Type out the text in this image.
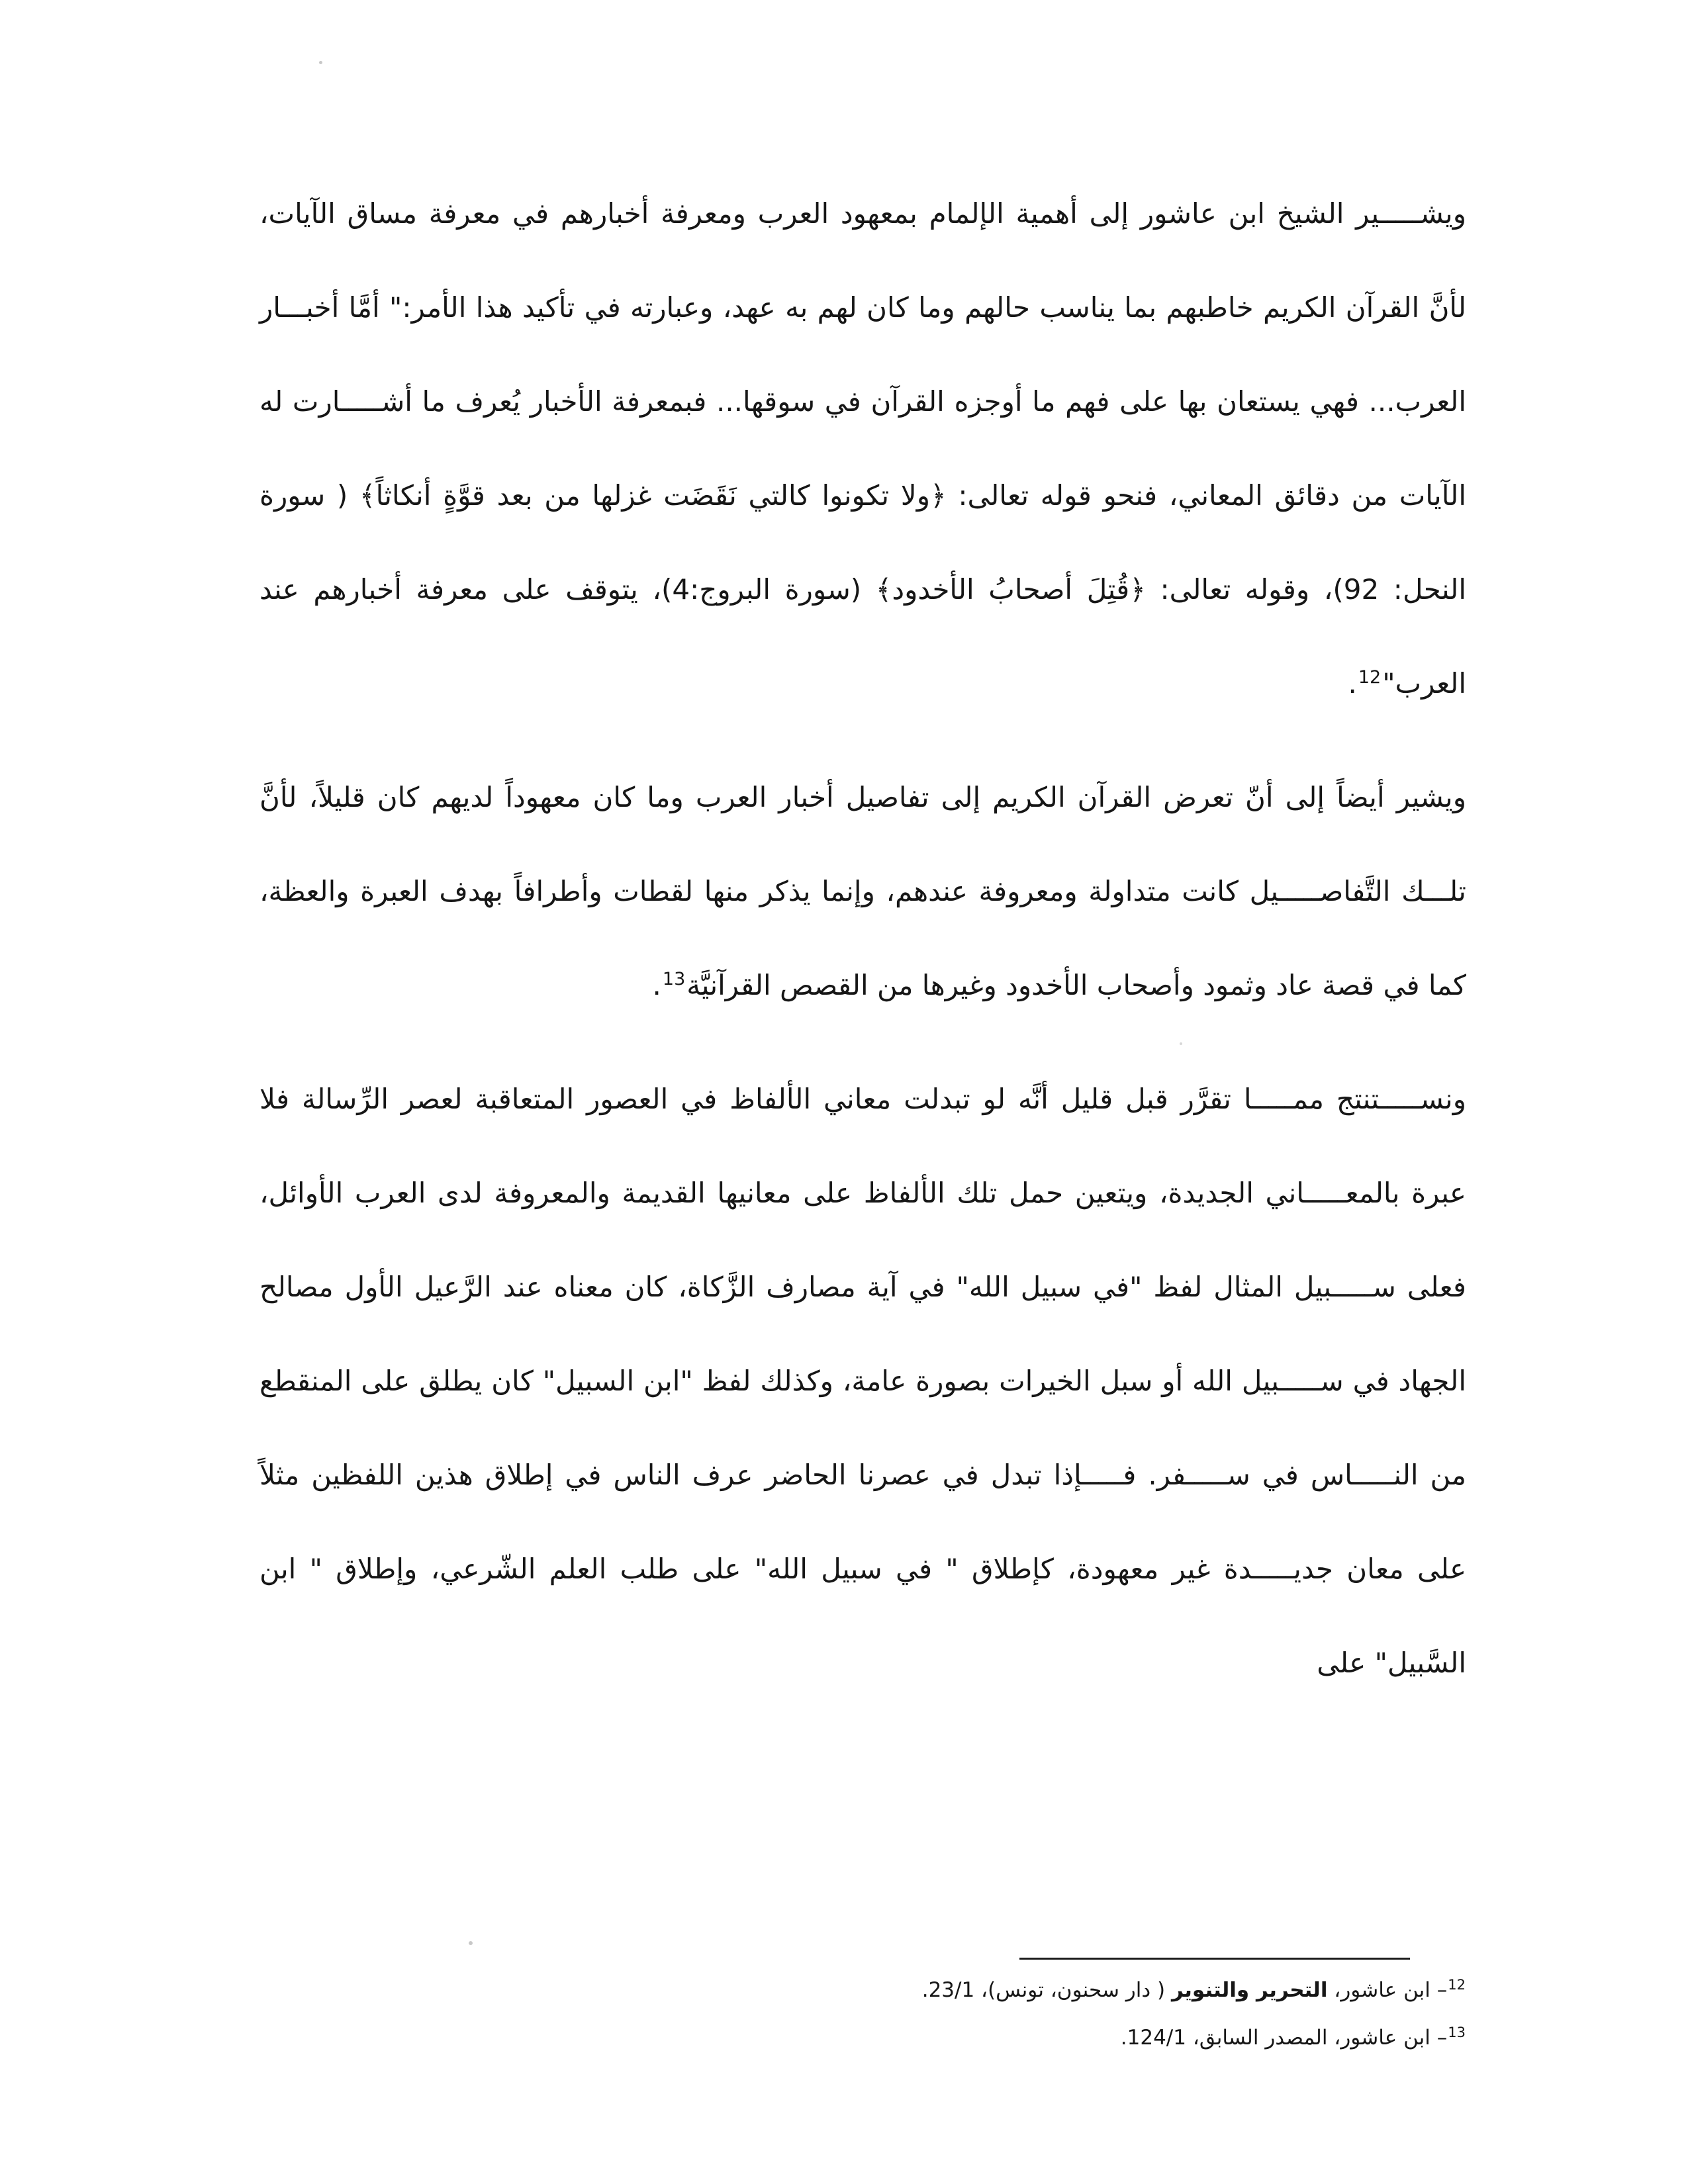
ويشـــــير الشيخ ابن عاشور إلى أهمية الإلمام بمعهود العرب ومعرفة أخبارهم في معرفة مساق الآيات، لأنَّ القرآن الكريم خاطبهم بما يناسب حالهم وما كان لهم به عهد، وعبارته في تأكيد هذا الأمر:" أمَّا أخبـــار العرب... فهي يستعان بها على فهم ما أوجزه القرآن في سوقها... فبمعرفة الأخبار يُعرف ما أشـــــارت له الآيات من دقائق المعاني، فنحو قوله تعالى: ﴿ولا تكونوا كالتي نَقَضَت غزلها من بعد قوَّةٍ أنكاثاً﴾ ( سورة النحل: 92)، وقوله تعالى: ﴿قُتِلَ أصحابُ الأخدود﴾ (سورة البروج:4)، يتوقف على معرفة أخبارهم عند العرب"$^{12}$.

ويشير أيضاً إلى أنّ تعرض القرآن الكريم إلى تفاصيل أخبار العرب وما كان معهوداً لديهم كان قليلاً، لأنَّ تلـــك التَّفاصـــــيل كانت متداولة ومعروفة عندهم، وإنما يذكر منها لقطات وأطرافاً بهدف العبرة والعظة، كما في قصة عاد وثمود وأصحاب الأخدود وغيرها من القصص القرآنيَّة$^{13}$.

ونســـــتنتج ممـــــا تقرَّر قبل قليل أنَّه لو تبدلت معاني الألفاظ في العصور المتعاقبة لعصر الرِّسالة فلا عبرة بالمعـــــاني الجديدة، ويتعين حمل تلك الألفاظ على معانيها القديمة والمعروفة لدى العرب الأوائل، فعلى ســـــبيل المثال لفظ "في سبيل الله" في آية مصارف الزَّكاة، كان معناه عند الرَّعيل الأول مصالح الجهاد في ســـــبيل الله أو سبل الخيرات بصورة عامة، وكذلك لفظ "ابن السبيل" كان يطلق على المنقطع من النـــــاس في ســـــفر. فـــــإذا تبدل في عصرنا الحاضر عرف الناس في إطلاق هذين اللفظين مثلاً على معان جديـــــدة غير معهودة، كإطلاق " في سبيل الله" على طلب العلم الشّرعي، وإطلاق " ابن السَّبيل" على

$^{12}$– ابن عاشور، التحرير والتنوير ( دار سحنون، تونس)، 23/1.
$^{13}$– ابن عاشور، المصدر السابق، 124/1.
